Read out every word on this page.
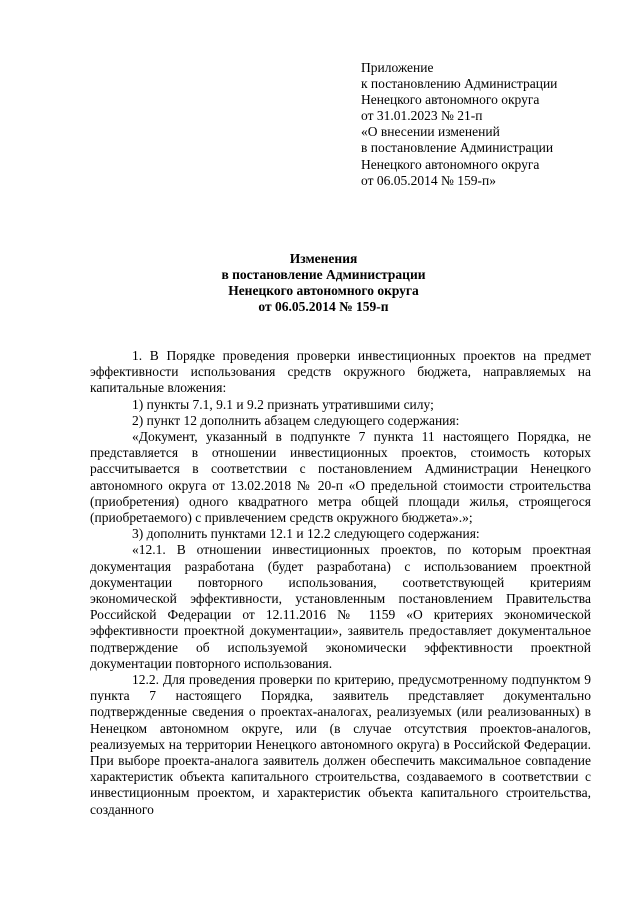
Приложение
к постановлению Администрации
Ненецкого автономного округа
от 31.01.2023 № 21-п
«О внесении изменений
в постановление Администрации
Ненецкого автономного округа
от 06.05.2014 № 159-п»
Изменения
в постановление Администрации
Ненецкого автономного округа
от 06.05.2014 № 159-п

1. В Порядке проведения проверки инвестиционных проектов на предмет эффективности использования средств окружного бюджета, направляемых на капитальные вложения:

1) пункты 7.1, 9.1 и 9.2 признать утратившими силу;

2) пункт 12 дополнить абзацем следующего содержания:

«Документ, указанный в подпункте 7 пункта 11 настоящего Порядка, не представляется в отношении инвестиционных проектов, стоимость которых рассчитывается в соответствии с постановлением Администрации Ненецкого автономного округа от 13.02.2018 № 20-п «О предельной стоимости строительства (приобретения) одного квадратного метра общей площади жилья, строящегося (приобретаемого) с привлечением средств окружного бюджета».»;

3) дополнить пунктами 12.1 и 12.2 следующего содержания:

«12.1. В отношении инвестиционных проектов, по которым проектная документация разработана (будет разработана) с использованием проектной документации повторного использования, соответствующей критериям экономической эффективности, установленным постановлением Правительства Российской Федерации от 12.11.2016 № 1159 «О критериях экономической эффективности проектной документации», заявитель предоставляет документальное подтверждение об используемой экономически эффективности проектной документации повторного использования.

12.2. Для проведения проверки по критерию, предусмотренному подпунктом 9 пункта 7 настоящего Порядка, заявитель представляет документально подтвержденные сведения о проектах-аналогах, реализуемых (или реализованных) в Ненецком автономном округе, или (в случае отсутствия проектов-аналогов, реализуемых на территории Ненецкого автономного округа) в Российской Федерации. При выборе проекта-аналога заявитель должен обеспечить максимальное совпадение характеристик объекта капитального строительства, создаваемого в соответствии с инвестиционным проектом, и характеристик объекта капитального строительства, созданного
